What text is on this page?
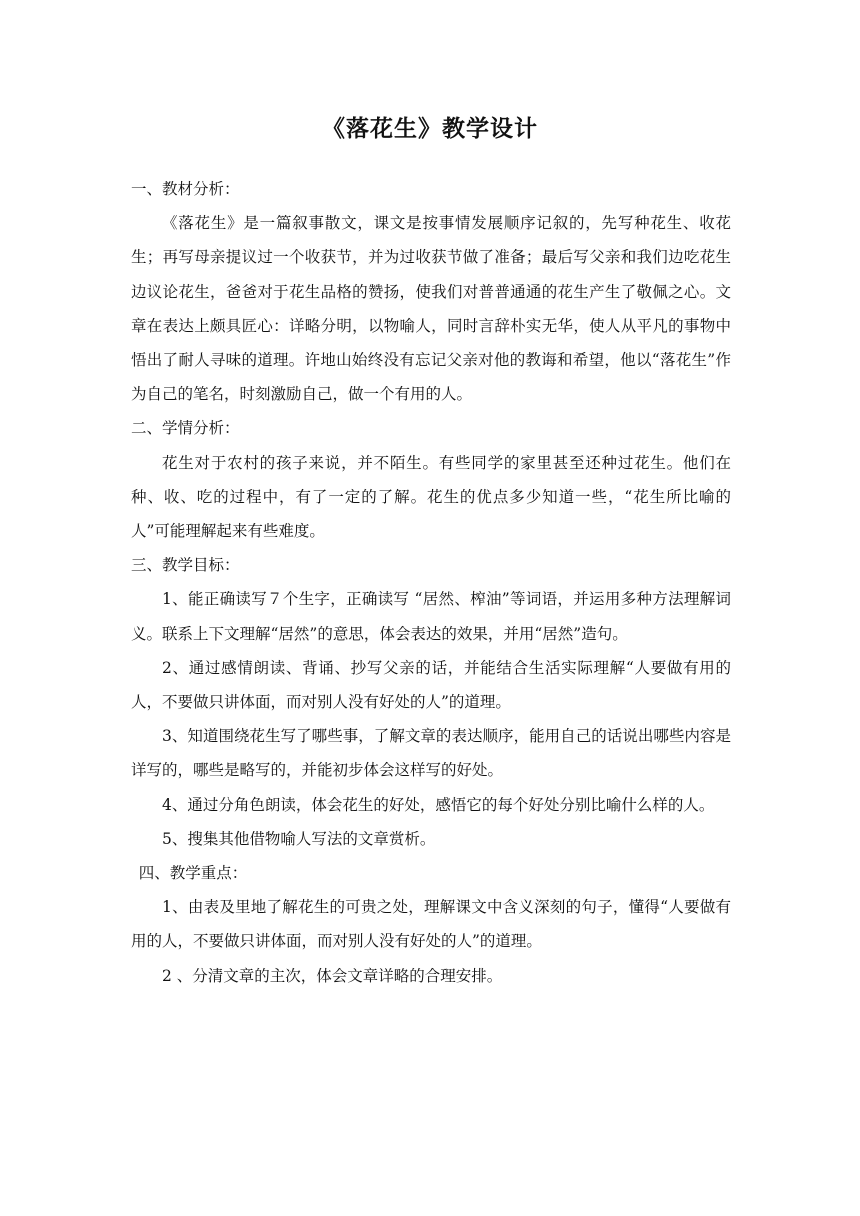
《落花生》教学设计

一、教材分析：

《落花生》是一篇叙事散文，课文是按事情发展顺序记叙的，先写种花生、收花生；再写母亲提议过一个收获节，并为过收获节做了准备；最后写父亲和我们边吃花生边议论花生，爸爸对于花生品格的赞扬，使我们对普普通通的花生产生了敬佩之心。文章在表达上颇具匠心：详略分明，以物喻人，同时言辞朴实无华，使人从平凡的事物中悟出了耐人寻味的道理。许地山始终没有忘记父亲对他的教诲和希望，他以“落花生”作为自己的笔名，时刻激励自己，做一个有用的人。

二、学情分析：

花生对于农村的孩子来说，并不陌生。有些同学的家里甚至还种过花生。他们在种、收、吃的过程中，有了一定的了解。花生的优点多少知道一些，“花生所比喻的人”可能理解起来有些难度。

三、教学目标：

1、能正确读写７个生字，正确读写 “居然、榨油”等词语，并运用多种方法理解词义。联系上下文理解“居然”的意思，体会表达的效果，并用“居然”造句。

2、通过感情朗读、背诵、抄写父亲的话，并能结合生活实际理解“人要做有用的人，不要做只讲体面，而对别人没有好处的人”的道理。

3、知道围绕花生写了哪些事，了解文章的表达顺序，能用自己的话说出哪些内容是详写的，哪些是略写的，并能初步体会这样写的好处。

4、通过分角色朗读，体会花生的好处，感悟它的每个好处分别比喻什么样的人。

5、搜集其他借物喻人写法的文章赏析。

四、教学重点：

1、由表及里地了解花生的可贵之处，理解课文中含义深刻的句子，懂得“人要做有用的人，不要做只讲体面，而对别人没有好处的人”的道理。

2 、分清文章的主次，体会文章详略的合理安排。
